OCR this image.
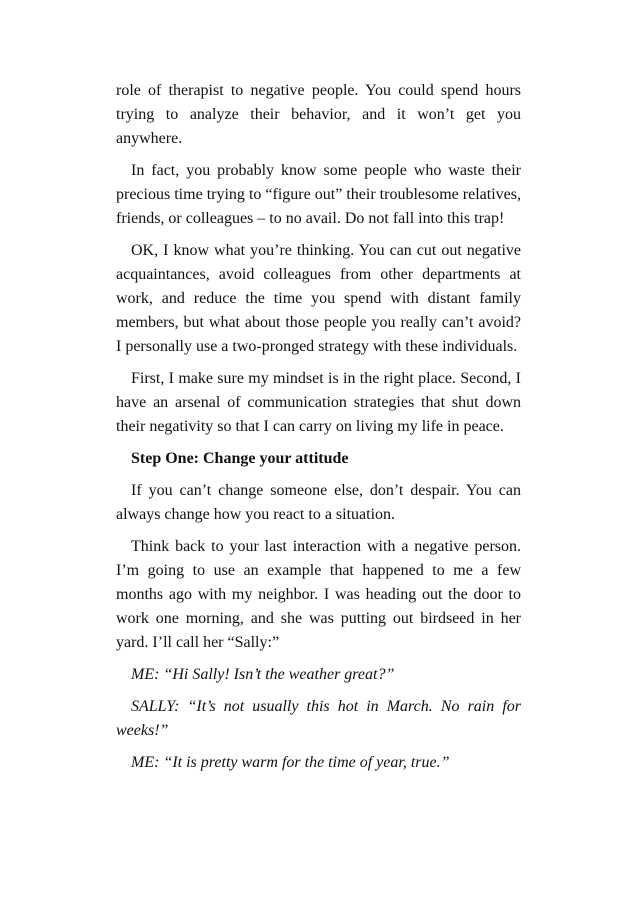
role of therapist to negative people. You could spend hours trying to analyze their behavior, and it won’t get you anywhere.

In fact, you probably know some people who waste their precious time trying to “figure out” their troublesome relatives, friends, or colleagues – to no avail. Do not fall into this trap!

OK, I know what you’re thinking. You can cut out negative acquaintances, avoid colleagues from other departments at work, and reduce the time you spend with distant family members, but what about those people you really can’t avoid? I personally use a two-pronged strategy with these individuals.

First, I make sure my mindset is in the right place. Second, I have an arsenal of communication strategies that shut down their negativity so that I can carry on living my life in peace.

Step One: Change your attitude

If you can’t change someone else, don’t despair. You can always change how you react to a situation.

Think back to your last interaction with a negative person. I’m going to use an example that happened to me a few months ago with my neighbor. I was heading out the door to work one morning, and she was putting out birdseed in her yard. I’ll call her “Sally:”

ME: “Hi Sally! Isn’t the weather great?”

SALLY: “It’s not usually this hot in March. No rain for weeks!”

ME: “It is pretty warm for the time of year, true.”
